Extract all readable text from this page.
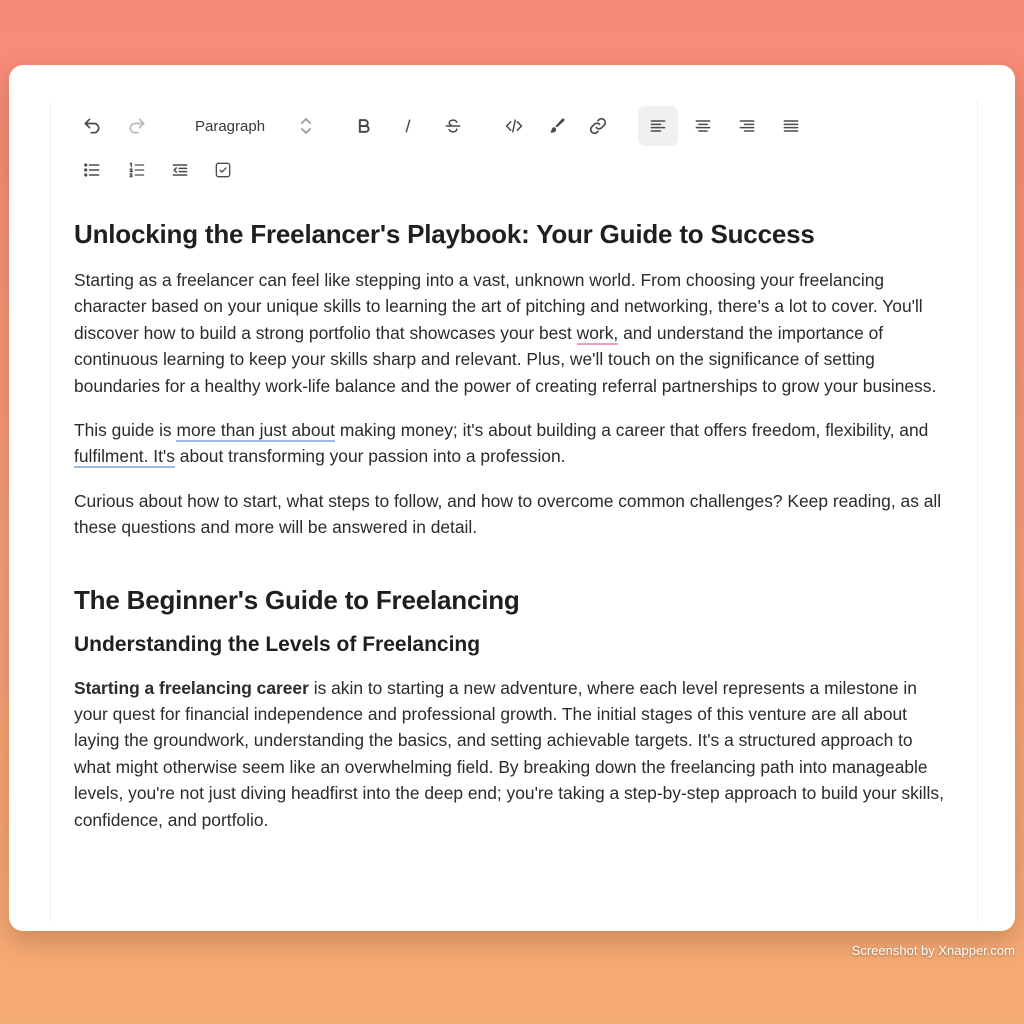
Paragraph
Unlocking the Freelancer's Playbook: Your Guide to Success

Starting as a freelancer can feel like stepping into a vast, unknown world. From choosing your freelancing character based on your unique skills to learning the art of pitching and networking, there's a lot to cover. You'll discover how to build a strong portfolio that showcases your best work, and understand the importance of continuous learning to keep your skills sharp and relevant. Plus, we'll touch on the significance of setting boundaries for a healthy work-life balance and the power of creating referral partnerships to grow your business.

This guide is more than just about making money; it's about building a career that offers freedom, flexibility, and fulfilment. It's about transforming your passion into a profession.

Curious about how to start, what steps to follow, and how to overcome common challenges? Keep reading, as all these questions and more will be answered in detail.

The Beginner's Guide to Freelancing
Understanding the Levels of Freelancing

Starting a freelancing career is akin to starting a new adventure, where each level represents a milestone in your quest for financial independence and professional growth. The initial stages of this venture are all about laying the groundwork, understanding the basics, and setting achievable targets. It's a structured approach to what might otherwise seem like an overwhelming field. By breaking down the freelancing path into manageable levels, you're not just diving headfirst into the deep end; you're taking a step-by-step approach to build your skills, confidence, and portfolio.

Screenshot by Xnapper.com
